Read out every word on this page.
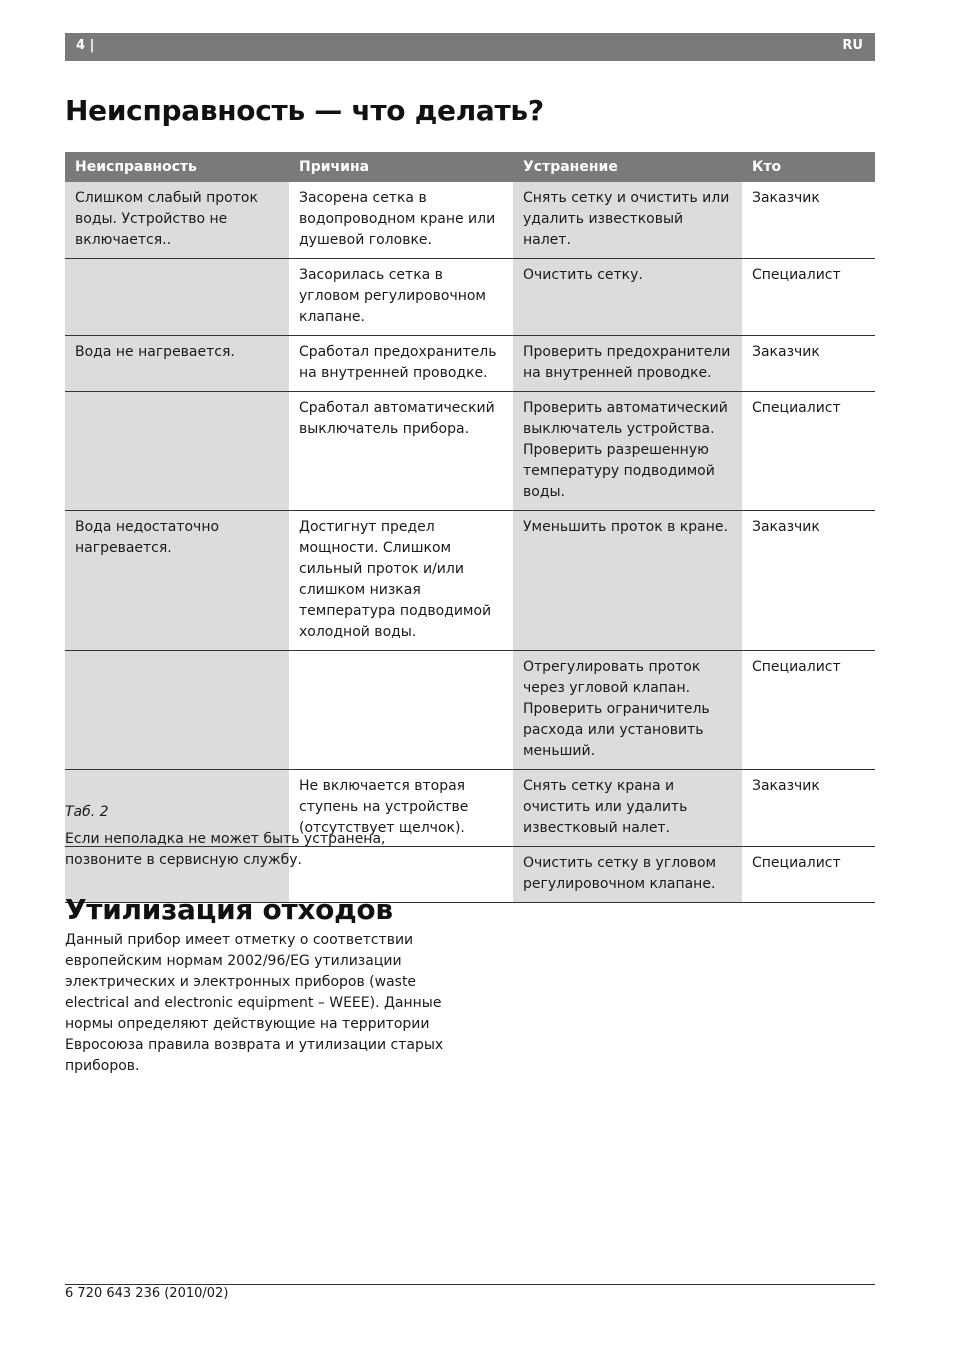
4 |	RU
Неисправность — что делать?
Неисправность	Причина	Устранение	Кто
Слишком слабый проток воды. Устройство не включается..	Засорена сетка в водопроводном кране или душевой головке.	Снять сетку и очистить или удалить известковый налет.	Заказчик
	Засорилась сетка в угловом регулировочном клапане.	Очистить сетку.	Специалист
Вода не нагревается.	Сработал предохранитель на внутренней проводке.	Проверить предохранители на внутренней проводке.	Заказчик
	Сработал автоматический выключатель прибора.	Проверить автоматический выключатель устройства. Проверить разрешенную температуру подводимой воды.	Специалист
Вода недостаточно нагревается.	Достигнут предел мощности. Слишком сильный проток и/или слишком низкая температура подводимой холодной воды.	Уменьшить проток в кране.	Заказчик
		Отрегулировать проток через угловой клапан. Проверить ограничитель расхода или установить меньший.	Специалист
	Не включается вторая ступень на устройстве (отсутствует щелчок).	Снять сетку крана и очистить или удалить известковый налет.	Заказчик
		Очистить сетку в угловом регулировочном клапане.	Специалист
Таб. 2
Если неполадка не может быть устранена, позвоните в сервисную службу.
Утилизация отходов
Данный прибор имеет отметку о соответствии европейским нормам 2002/96/EG утилизации электрических и электронных приборов (waste electrical and electronic equipment – WEEE). Данные нормы определяют действующие на территории Евросоюза правила возврата и утилизации старых приборов.
6 720 643 236 (2010/02)
